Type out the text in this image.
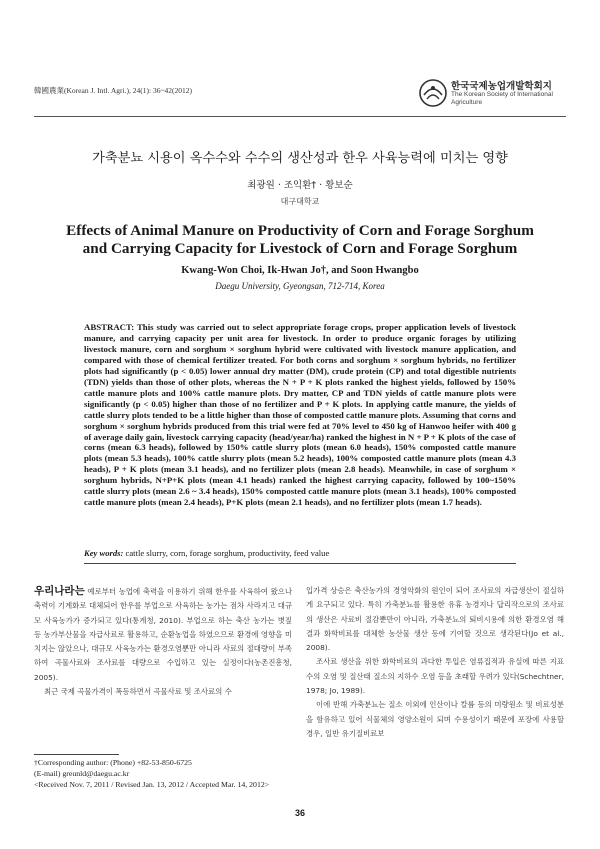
韓國農業(Korean J. Intl. Agri.), 24(1): 36~42(2012)	한국국제농업개발학회지
The Korean Society of International Agriculture
가축분뇨 시용이 옥수수와 수수의 생산성과 한우 사육능력에 미치는 영향
최광원 · 조익환† · 황보순
대구대학교
Effects of Animal Manure on Productivity of Corn and Forage Sorghum
and Carrying Capacity for Livestock of Corn and Forage Sorghum
Kwang-Won Choi, Ik-Hwan Jo†, and Soon Hwangbo
Daegu University, Gyeongsan, 712-714, Korea
ABSTRACT: This study was carried out to select appropriate forage crops, proper application levels of livestock manure, and carrying capacity per unit area for livestock. In order to produce organic forages by utilizing livestock manure, corn and sorghum × sorghum hybrid were cultivated with livestock manure application, and compared with those of chemical fertilizer treated. For both corns and sorghum × sorghum hybrids, no fertilizer plots had significantly (p < 0.05) lower annual dry matter (DM), crude protein (CP) and total digestible nutrients (TDN) yields than those of other plots, whereas the N + P + K plots ranked the highest yields, followed by 150% cattle manure plots and 100% cattle manure plots. Dry matter, CP and TDN yields of cattle manure plots were significantly (p < 0.05) higher than those of no fertilizer and P + K plots. In applying cattle manure, the yields of cattle slurry plots tended to be a little higher than those of composted cattle manure plots. Assuming that corns and sorghum × sorghum hybrids produced from this trial were fed at 70% level to 450 kg of Hanwoo heifer with 400 g of average daily gain, livestock carrying capacity (head/year/ha) ranked the highest in N + P + K plots of the case of corns (mean 6.3 heads), followed by 150% cattle slurry plots (mean 6.0 heads), 150% composted cattle manure plots (mean 5.3 heads), 100% cattle slurry plots (mean 5.2 heads), 100% composted cattle manure plots (mean 4.3 heads), P + K plots (mean 3.1 heads), and no fertilizer plots (mean 2.8 heads). Meanwhile, in case of sorghum × sorghum hybrids, N+P+K plots (mean 4.1 heads) ranked the highest carrying capacity, followed by 100~150% cattle slurry plots (mean 2.6 ~ 3.4 heads), 150% composted cattle manure plots (mean 3.1 heads), 100% composted cattle manure plots (mean 2.4 heads), P+K plots (mean 2.1 heads), and no fertilizer plots (mean 1.7 heads).
Key words: cattle slurry, corn, forage sorghum, productivity, feed value
우리나라는 예로부터 농업에 축력을 이용하기 위해 한우를 사육하여 왔으나 축력이 기계화로 대체되어 한우를 부업으로 사육하는 농가는 점차 사라지고 대규모 사육농가가 증가되고 있다(통계청, 2010). 부업으로 하는 축산 농가는 볏짚 등 농가부산물을 자급사료로 활용하고, 순환농업을 하였으므로 환경에 영향을 미치지는 않았으나, 대규모 사육농가는 환경오염뿐만 아니라 사료의 절대량이 부족하여 곡물사료와 조사료를 대량으로 수입하고 있는 실정이다(농촌진흥청, 2005).
최근 국제 곡물가격이 폭등하면서 곡물사료 및 조사료의 수
입가격 상승은 축산농가의 경영악화의 원인이 되어 조사료의 자급생산이 절실하게 요구되고 있다. 특히 가축분뇨를 활용한 유휴 농경지나 답리작으로의 조사료의 생산은 사료비 절감뿐만이 아니라, 가축분뇨의 퇴비시용에 의한 환경오염 해결과 화학비료를 대체한 농산물 생산 등에 기여할 것으로 생각된다(Jo et al., 2008).
조사료 생산을 위한 화학비료의 과다한 투입은 염류집적과 유실에 따른 지표수의 오염 및 질산태 질소의 지하수 오염 등을 초래할 우려가 있다(Schechtner, 1978; Jo, 1989).
이에 반해 가축분뇨는 질소 이외에 인산이나 칼륨 등의 미량원소 및 비료성분을 함유하고 있어 식물체의 영양소원이 되며 수용성이기 때문에 포장에 사용할 경우, 일반 유기질비료보
†Corresponding author: (Phone) +82-53-850-6725
(E-mail) greunld@daegu.ac.kr
<Received Nov. 7, 2011 / Revised Jan. 13, 2012 / Accepted Mar. 14, 2012>
36
